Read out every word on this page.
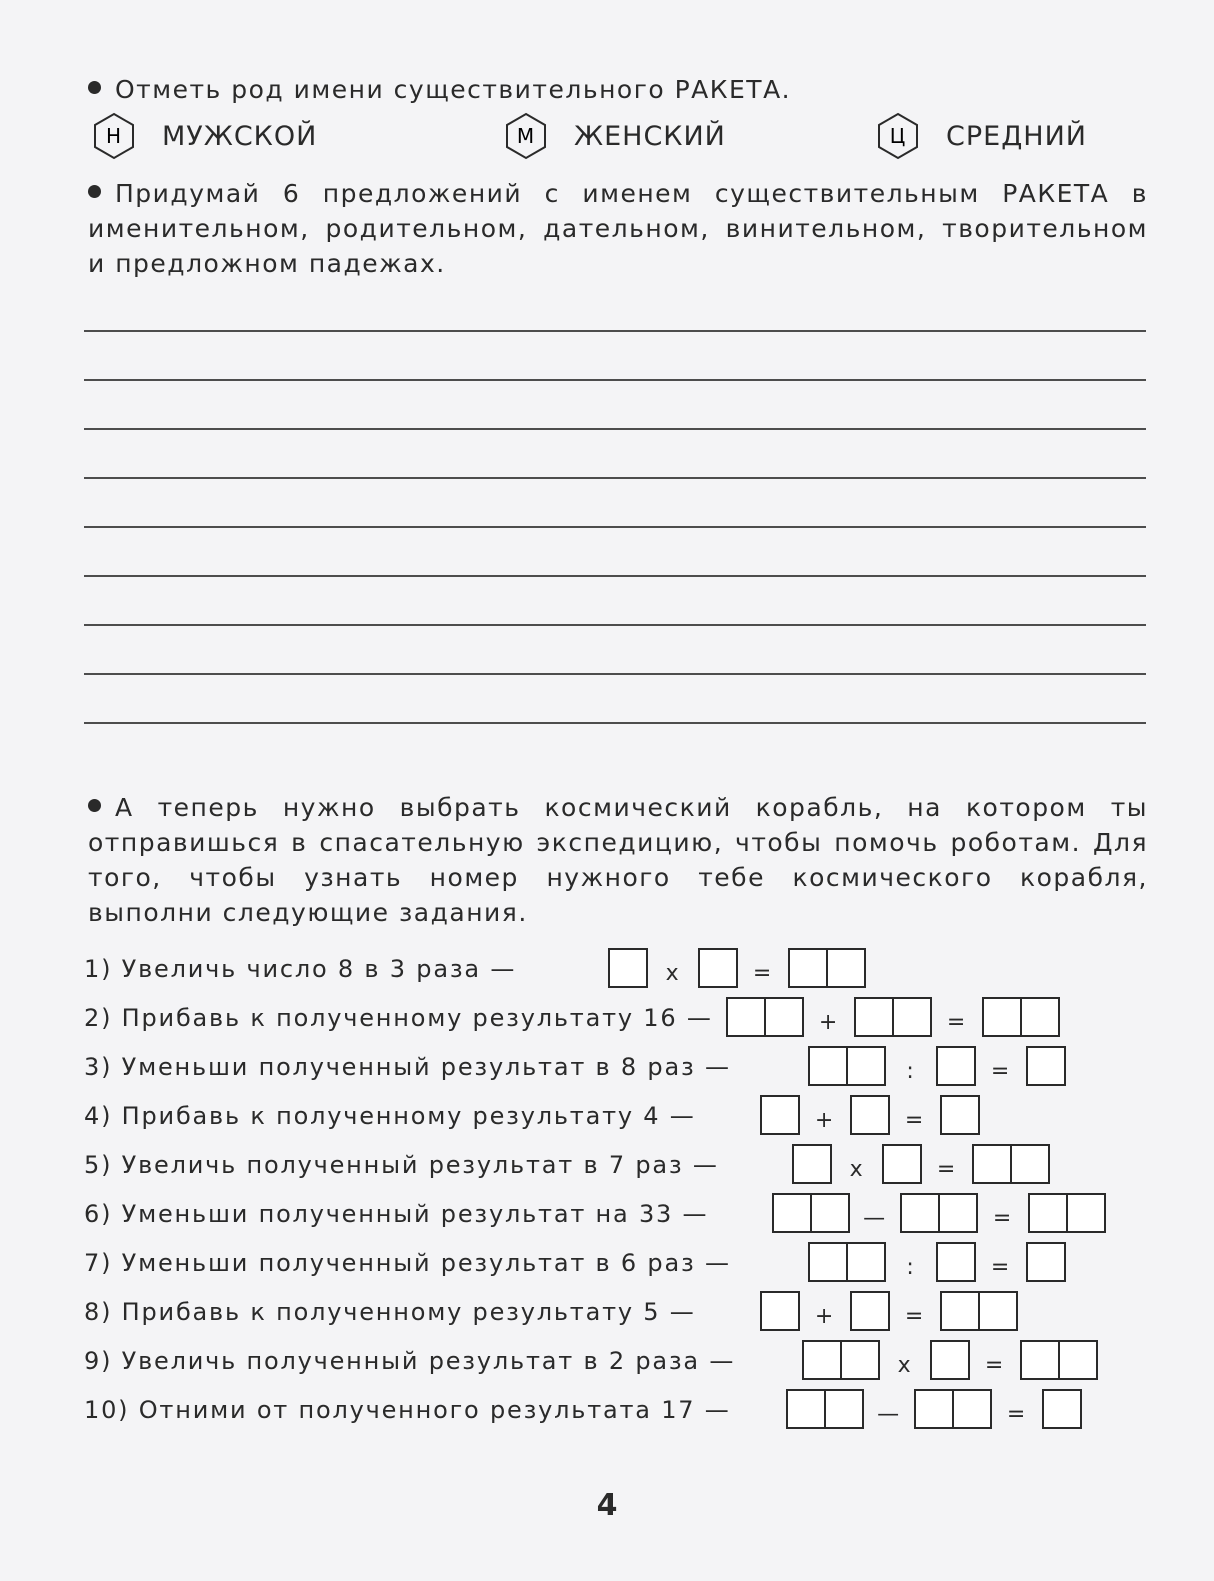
Отметь род имени существительного РАКЕТА.

Н МУЖСКОЙ	М ЖЕНСКИЙ	Ц СРЕДНИЙ

Придумай 6 предложений с именем существительным РАКЕТА в именительном, родительном, дательном, винительном, творительном и предложном падежах.

А теперь нужно выбрать космический корабль, на котором ты отправишься в спасательную экспедицию, чтобы помочь роботам. Для того, чтобы узнать номер нужного тебе космического корабля, выполни следующие задания.

1) Увеличь число 8 в 3 раза —	x	=
2) Прибавь к полученному результату 16 —	+	=
3) Уменьши полученный результат в 8 раз —	:	=
4) Прибавь к полученному результату 4 —	+	=
5) Увеличь полученный результат в 7 раз —	x	=
6) Уменьши полученный результат на 33 —	—	=
7) Уменьши полученный результат в 6 раз —	:	=
8) Прибавь к полученному результату 5 —	+	=
9) Увеличь полученный результат в 2 раза —	x	=
10) Отними от полученного результата 17 —	—	=
4
